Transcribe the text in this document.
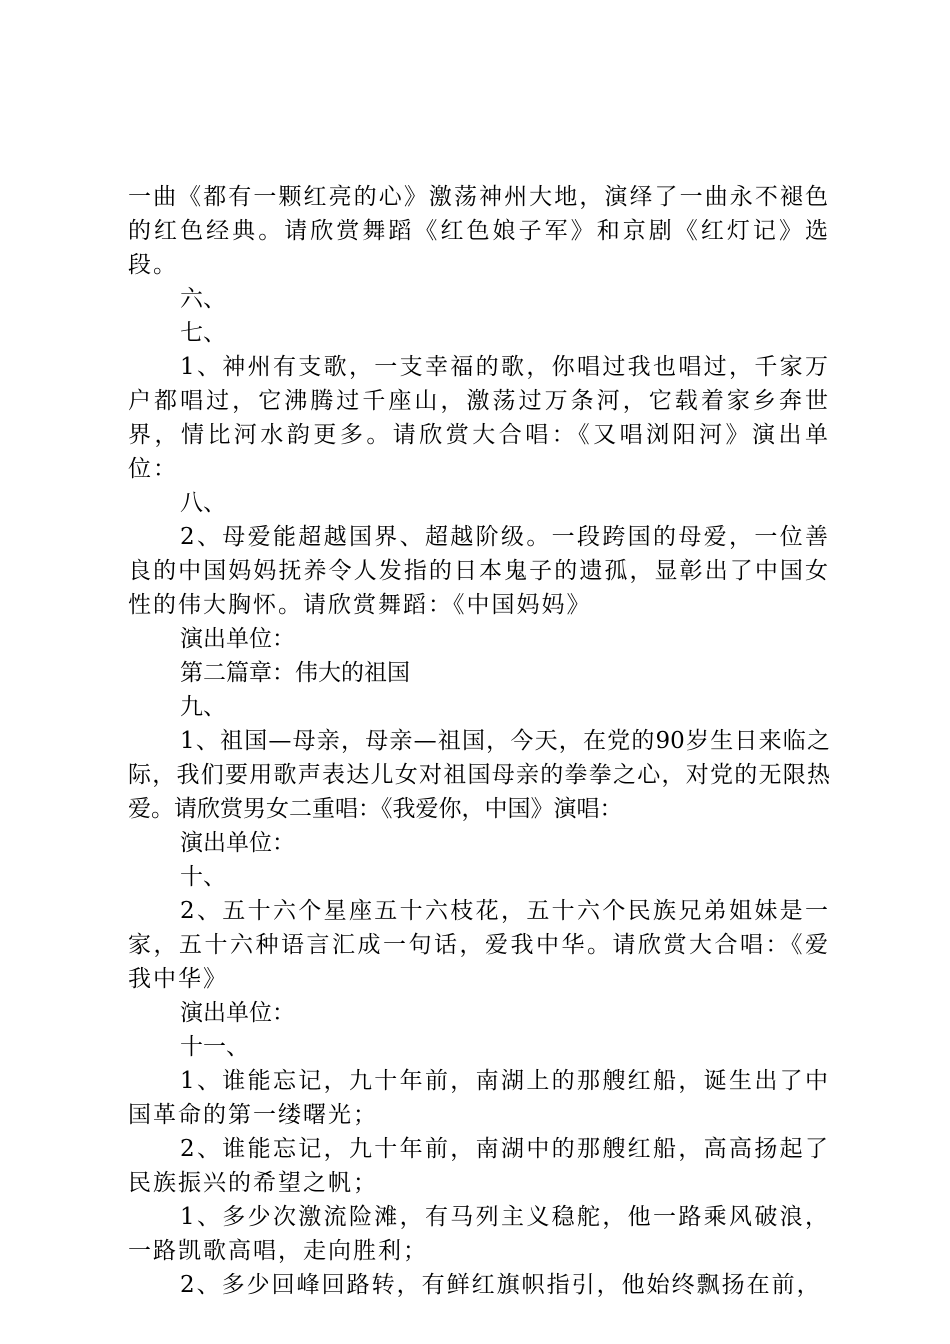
一曲《都有一颗红亮的心》激荡神州大地，演绎了一曲永不褪色的红色经典。请欣赏舞蹈《红色娘子军》和京剧《红灯记》选段。

六、

七、

1、神州有支歌，一支幸福的歌，你唱过我也唱过，千家万户都唱过，它沸腾过千座山，激荡过万条河，它载着家乡奔世界，情比河水韵更多。请欣赏大合唱：《又唱浏阳河》演出单位：

八、

2、母爱能超越国界、超越阶级。一段跨国的母爱，一位善良的中国妈妈抚养令人发指的日本鬼子的遗孤，显彰出了中国女性的伟大胸怀。请欣赏舞蹈：《中国妈妈》

演出单位：

第二篇章：伟大的祖国

九、

1、祖国—母亲，母亲—祖国，今天，在党的90岁生日来临之际，我们要用歌声表达儿女对祖国母亲的拳拳之心，对党的无限热爱。请欣赏男女二重唱：《我爱你，中国》演唱：

演出单位：

十、

2、五十六个星座五十六枝花，五十六个民族兄弟姐妹是一家，五十六种语言汇成一句话，爱我中华。请欣赏大合唱：《爱我中华》

演出单位：

十一、

1、谁能忘记，九十年前，南湖上的那艘红船，诞生出了中国革命的第一缕曙光；

2、谁能忘记，九十年前，南湖中的那艘红船，高高扬起了民族振兴的希望之帆；

1、多少次激流险滩，有马列主义稳舵，他一路乘风破浪，一路凯歌高唱，走向胜利；

2、多少回峰回路转，有鲜红旗帜指引，他始终飘扬在前，
